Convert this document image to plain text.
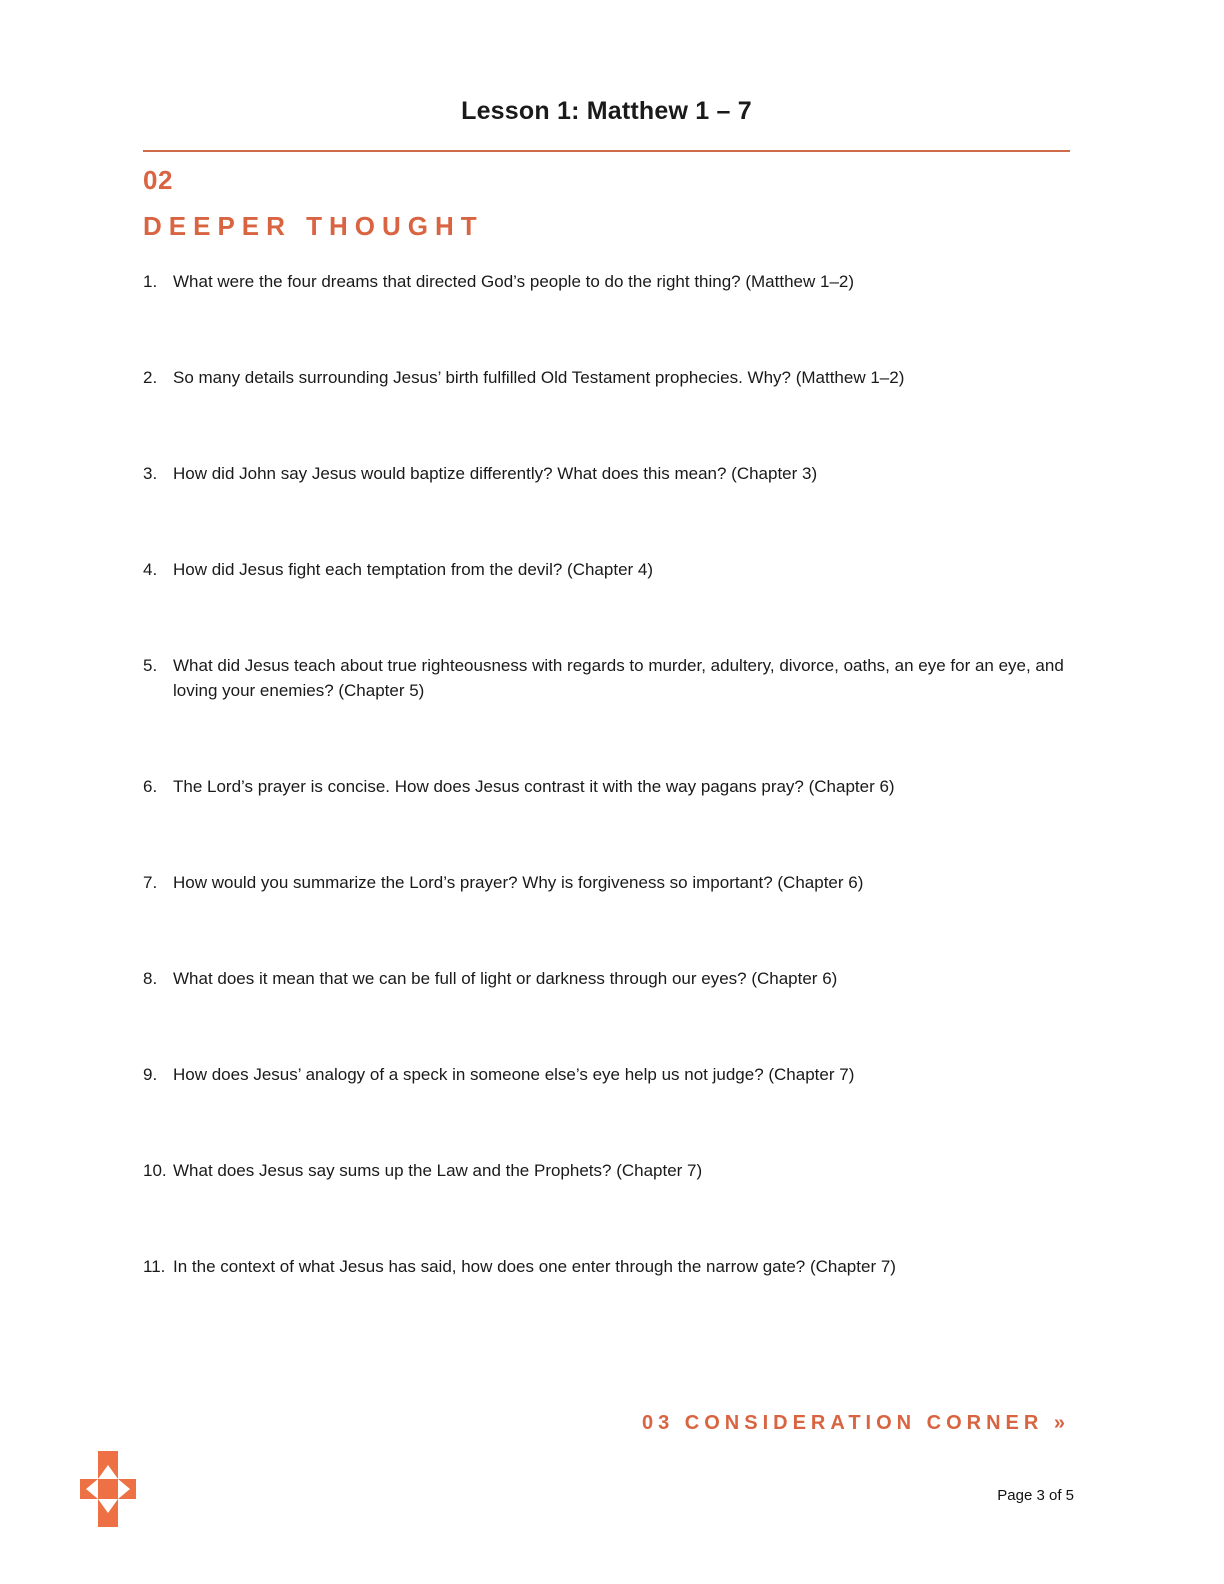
Lesson 1: Matthew 1 – 7
02
DEEPER THOUGHT
1. What were the four dreams that directed God’s people to do the right thing? (Matthew 1–2)
2. So many details surrounding Jesus’ birth fulfilled Old Testament prophecies. Why? (Matthew 1–2)
3. How did John say Jesus would baptize differently? What does this mean? (Chapter 3)
4. How did Jesus fight each temptation from the devil? (Chapter 4)
5. What did Jesus teach about true righteousness with regards to murder, adultery, divorce, oaths, an eye for an eye, and loving your enemies? (Chapter 5)
6. The Lord’s prayer is concise. How does Jesus contrast it with the way pagans pray? (Chapter 6)
7. How would you summarize the Lord’s prayer? Why is forgiveness so important? (Chapter 6)
8. What does it mean that we can be full of light or darkness through our eyes? (Chapter 6)
9. How does Jesus’ analogy of a speck in someone else’s eye help us not judge? (Chapter 7)
10. What does Jesus say sums up the Law and the Prophets? (Chapter 7)
11. In the context of what Jesus has said, how does one enter through the narrow gate? (Chapter 7)
03 CONSIDERATION CORNER »
Page 3 of 5
